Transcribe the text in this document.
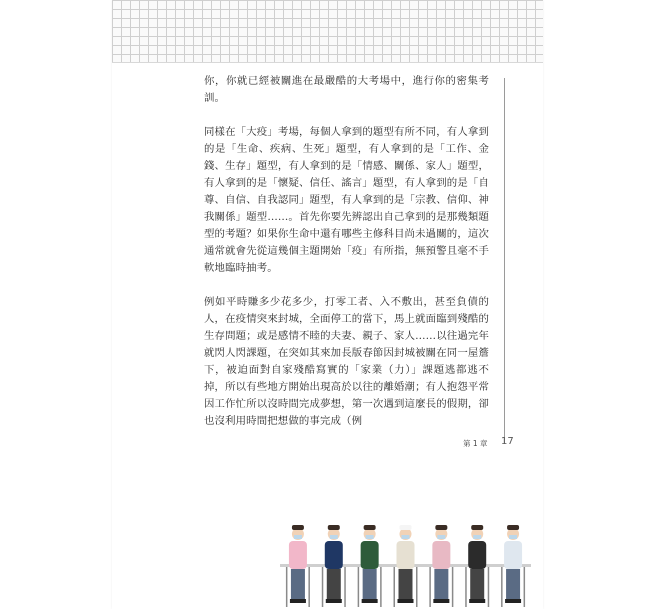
你，你就已經被關進在最嚴酷的大考場中，進行你的密集考訓。

同樣在「大疫」考場，每個人拿到的題型有所不同，有人拿到的是「生命、疾病、生死」題型，有人拿到的是「工作、金錢、生存」題型，有人拿到的是「情感、關係、家人」題型，有人拿到的是「懷疑、信任、謠言」題型，有人拿到的是「自尊、自信、自我認同」題型，有人拿到的是「宗教、信仰、神我關係」題型……。首先你要先辨認出自己拿到的是那幾類題型的考題？如果你生命中還有哪些主修科目尚未過關的，這次通常就會先從這幾個主題開始「疫」有所指，無預警且毫不手軟地臨時抽考。

例如平時賺多少花多少，打零工者、入不敷出，甚至負債的人，在疫情突來封城，全面停工的當下，馬上就面臨到殘酷的生存問題；或是感情不睦的夫妻、親子、家人……以往過完年就閃人閃課題，在突如其來加長版春節因封城被關在同一屋簷下，被迫面對自家殘酷寫實的「家業（力）」課題逃都逃不掉，所以有些地方開始出現高於以往的離婚潮；有人抱怨平常因工作忙所以沒時間完成夢想，第一次遇到這麼長的假期，卻也沒利用時間把想做的事完成（例

第 1 章 17
